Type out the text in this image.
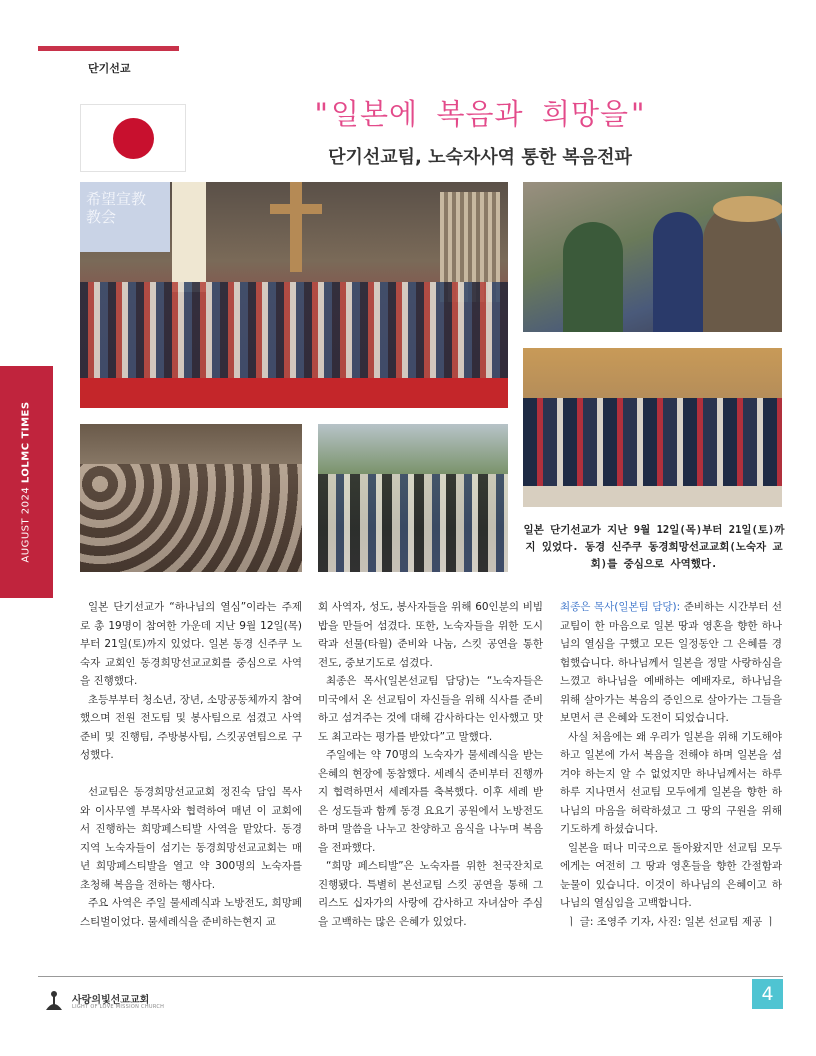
단기선교
AUGUST 2024 LOLMC TIMES
"일본에 복음과 희망을"
단기선교팀, 노숙자사역 통한 복음전파
希望宣教教会
일본 단기선교가 지난 9월 12일(목)부터 21일(토)까지 있었다. 동경 신주쿠 동경희망선교교회(노숙자 교회)를 중심으로 사역했다.

일본 단기선교가 “하나님의 열심”이라는 주제로 총 19명이 참여한 가운데 지난 9월 12일(목)부터 21일(토)까지 있었다. 일본 동경 신주쿠 노숙자 교회인 동경희망선교교회를 중심으로 사역을 진행했다.

초등부부터 청소년, 장년, 소망공동체까지 참여했으며 전원 전도팀 및 봉사팀으로 섬겼고 사역준비 및 진행팀, 주방봉사팀, 스킷공연팀으로 구성했다.

선교팀은 동경희망선교교회 정진숙 담임 목사와 이사무엘 부목사와 협력하여 매년 이 교회에서 진행하는 희망페스티발 사역을 맡았다. 동경지역 노숙자들이 섬기는 동경희망선교교회는 매년 희망페스티발을 열고 약 300명의 노숙자를 초청해 복음을 전하는 행사다.

주요 사역은 주일 물세례식과 노방전도, 희망페스티벌이었다. 물세례식을 준비하는현지 교

회 사역자, 성도, 봉사자들을 위해 60인분의 비빔밥을 만들어 섬겼다. 또한, 노숙자들을 위한 도시락과 선물(타월) 준비와 나눔, 스킷 공연을 통한 전도, 중보기도로 섬겼다.

최종은 목사(일본선교팀 담당)는 “노숙자들은 미국에서 온 선교팀이 자신들을 위해 식사를 준비하고 섬겨주는 것에 대해 감사하다는 인사했고 맛도 최고라는 평가를 받았다”고 말했다.

주일에는 약 70명의 노숙자가 물세례식을 받는 은혜의 현장에 동참했다. 세례식 준비부터 진행까지 협력하면서 세례자를 축복했다. 이후 세례 받은 성도들과 함께 동경 요요기 공원에서 노방전도하며 말씀을 나누고 찬양하고 음식을 나누며 복음을 전파했다.

“희망 페스티발”은 노숙자를 위한 천국잔치로 진행됐다. 특별히 본선교팀 스킷 공연을 통해 그리스도 십자가의 사랑에 감사하고 자녀삼아 주심을 고백하는 많은 은혜가 있었다.

최종은 목사(일본팀 담당): 준비하는 시간부터 선교팀이 한 마음으로 일본 땅과 영혼을 향한 하나님의 열심을 구했고 모든 일정동안 그 은혜를 경험했습니다. 하나님께서 일본을 정말 사랑하심을 느꼈고 하나님을 예배하는 예배자로, 하나님을 위해 살아가는 복음의 증인으로 살아가는 그들을 보면서 큰 은혜와 도전이 되었습니다.

사실 처음에는 왜 우리가 일본을 위해 기도해야 하고 일본에 가서 복음을 전해야 하며 일본을 섬겨야 하는지 알 수 없었지만 하나님께서는 하루하루 지나면서 선교팀 모두에게 일본을 향한 하나님의 마음을 허락하셨고 그 땅의 구원을 위해 기도하게 하셨습니다.

일본을 떠나 미국으로 돌아왔지만 선교팀 모두에게는 여전히 그 땅과 영혼들을 향한 간절함과 눈물이 있습니다. 이것이 하나님의 은혜이고 하나님의 열심임을 고백합니다.

ㅣ 글: 조영주 기자, 사진: 일본 선교팀 제공 ㅣ

사랑의빛선교교회
LIGHT OF LOVE MISSION CHURCH
4
